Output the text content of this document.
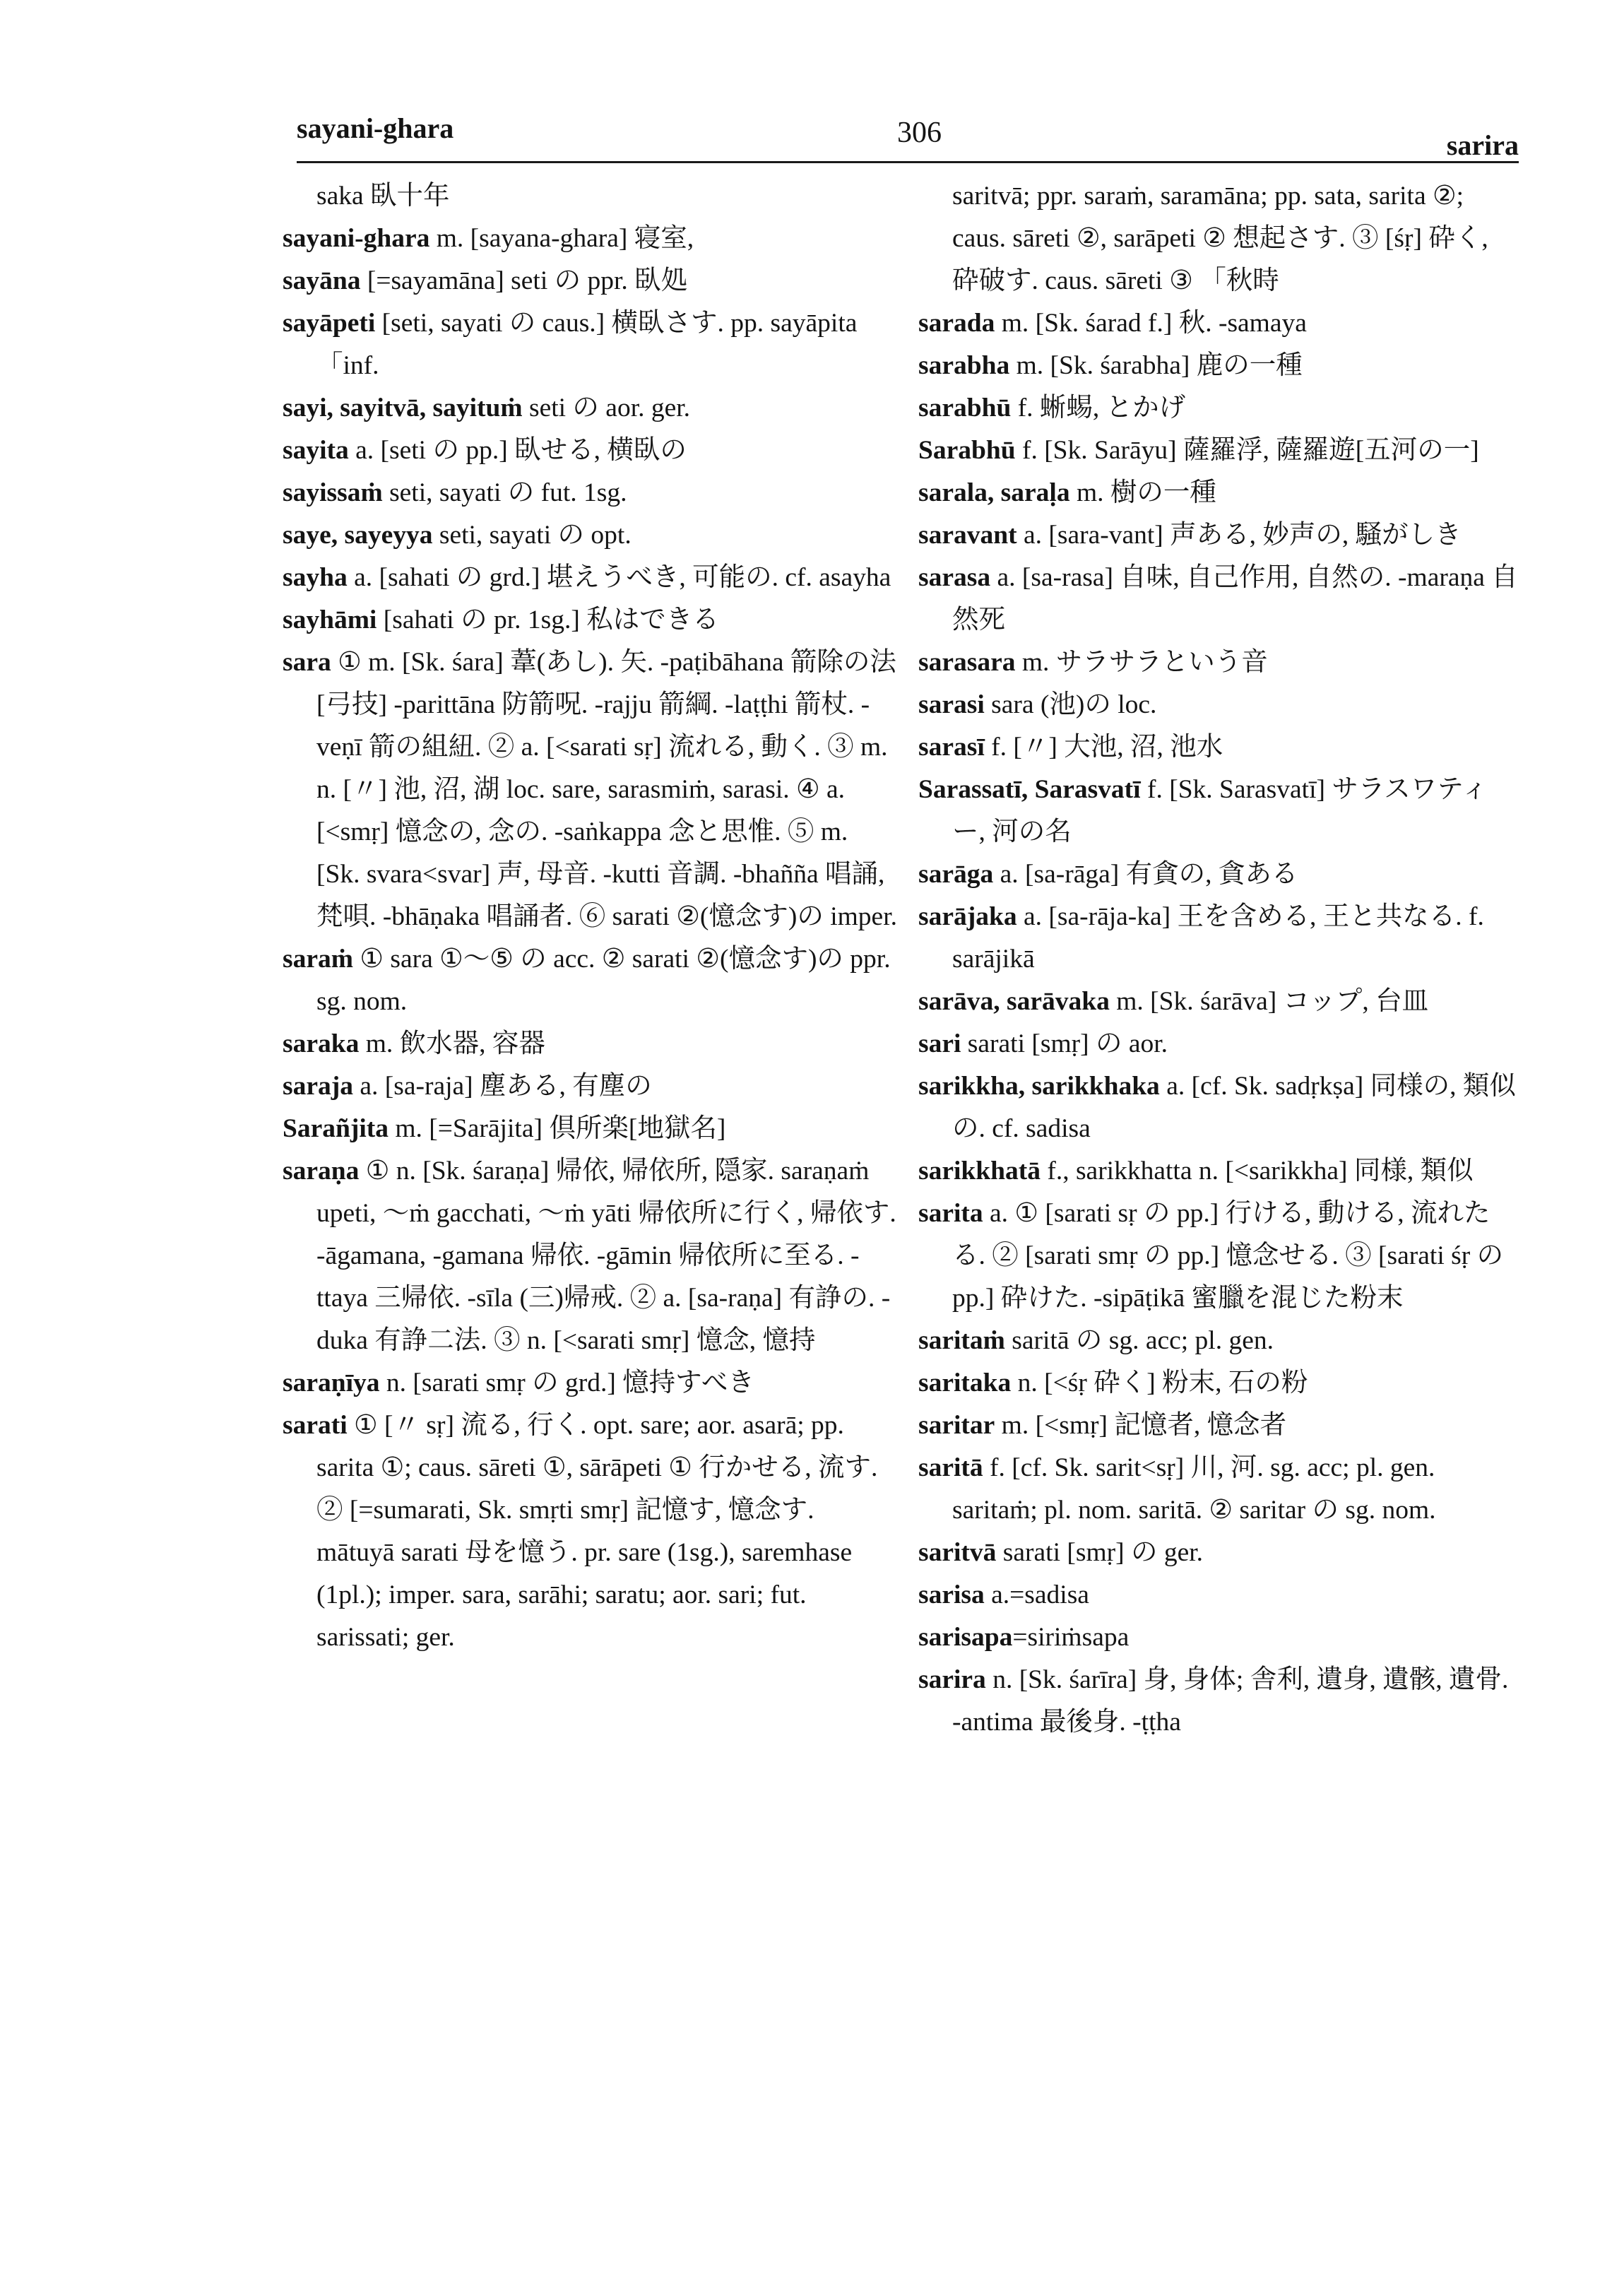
sayani-ghara	306	sarira

saka 臥十年

sayani-ghara m. [sayana-ghara] 寝室,

sayāna [=sayamāna] seti の ppr. 臥処

sayāpeti [seti, sayati の caus.] 横臥さす. pp. sayāpita 「inf.

sayi, sayitvā, sayituṁ seti の aor. ger.

sayita a. [seti の pp.] 臥せる, 横臥の

sayissaṁ seti, sayati の fut. 1sg.

saye, sayeyya seti, sayati の opt.

sayha a. [sahati の grd.] 堪えうべき, 可能の. cf. asayha

sayhāmi [sahati の pr. 1sg.] 私はできる

sara ① m. [Sk. śara] 葦(あし). 矢. -paṭibāhana 箭除の法[弓技] -parittāna 防箭呪. -rajju 箭綱. -laṭṭhi 箭杖. -veṇī 箭の組紐. ② a. [<sarati sṛ] 流れる, 動く. ③ m. n. [〃] 池, 沼, 湖 loc. sare, sarasmiṁ, sarasi. ④ a. [<smṛ] 憶念の, 念の. -saṅkappa 念と思惟. ⑤ m. [Sk. svara<svar] 声, 母音. -kutti 音調. -bhañña 唱誦, 梵唄. -bhāṇaka 唱誦者. ⑥ sarati ②(憶念す)の imper.

saraṁ ① sara ①～⑤ の acc. ② sarati ②(憶念す)の ppr. sg. nom.

saraka m. 飲水器, 容器

saraja a. [sa-raja] 塵ある, 有塵の

Sarañjita m. [=Sarājita] 倶所楽[地獄名]

saraṇa ① n. [Sk. śaraṇa] 帰依, 帰依所, 隠家. saraṇaṁ upeti, ～ṁ gacchati, ～ṁ yāti 帰依所に行く, 帰依す. -āgamana, -gamana 帰依. -gāmin 帰依所に至る. -ttaya 三帰依. -sīla (三)帰戒. ② a. [sa-raṇa] 有諍の. -duka 有諍二法. ③ n. [<sarati smṛ] 憶念, 憶持

saraṇīya n. [sarati smṛ の grd.] 憶持すべき

sarati ① [〃 sṛ] 流る, 行く. opt. sare; aor. asarā; pp. sarita ①; caus. sāreti ①, sārāpeti ① 行かせる, 流す. ② [=sumarati, Sk. smṛti smṛ] 記憶す, 憶念す. mātuyā sarati 母を憶う. pr. sare (1sg.), saremhase (1pl.); imper. sara, sarāhi; saratu; aor. sari; fut. sarissati; ger.

saritvā; ppr. saraṁ, saramāna; pp. sata, sarita ②; caus. sāreti ②, sarāpeti ② 想起さす. ③ [śṛ] 砕く, 砕破す. caus. sāreti ③ 「秋時

sarada m. [Sk. śarad f.] 秋. -samaya

sarabha m. [Sk. śarabha] 鹿の一種

sarabhū f. 蜥蜴, とかげ

Sarabhū f. [Sk. Sarāyu] 薩羅浮, 薩羅遊[五河の一]

sarala, saraḷa m. 樹の一種

saravant a. [sara-vant] 声ある, 妙声の, 騒がしき

sarasa a. [sa-rasa] 自味, 自己作用, 自然の. -maraṇa 自然死

sarasara m. サラサラという音

sarasi sara (池)の loc.

sarasī f. [〃] 大池, 沼, 池水

Sarassatī, Sarasvatī f. [Sk. Sarasvatī] サラスワティー, 河の名

sarāga a. [sa-rāga] 有貪の, 貪ある

sarājaka a. [sa-rāja-ka] 王を含める, 王と共なる. f. sarājikā

sarāva, sarāvaka m. [Sk. śarāva] コップ, 台皿

sari sarati [smṛ] の aor.

sarikkha, sarikkhaka a. [cf. Sk. sadṛkṣa] 同様の, 類似の. cf. sadisa

sarikkhatā f., sarikkhatta n. [<sarikkha] 同様, 類似

sarita a. ① [sarati sṛ の pp.] 行ける, 動ける, 流れたる. ② [sarati smṛ の pp.] 憶念せる. ③ [sarati śṛ の pp.] 砕けた. -sipāṭikā 蜜臘を混じた粉末

saritaṁ saritā の sg. acc; pl. gen.

saritaka n. [<śṛ 砕く] 粉末, 石の粉

saritar m. [<smṛ] 記憶者, 憶念者

saritā f. [cf. Sk. sarit<sṛ] 川, 河. sg. acc; pl. gen. saritaṁ; pl. nom. saritā. ② saritar の sg. nom.

saritvā sarati [smṛ] の ger.

sarisa a.=sadisa

sarisapa=siriṁsapa

sarira n. [Sk. śarīra] 身, 身体; 舎利, 遺身, 遺骸, 遺骨. -antima 最後身. -ṭṭha
